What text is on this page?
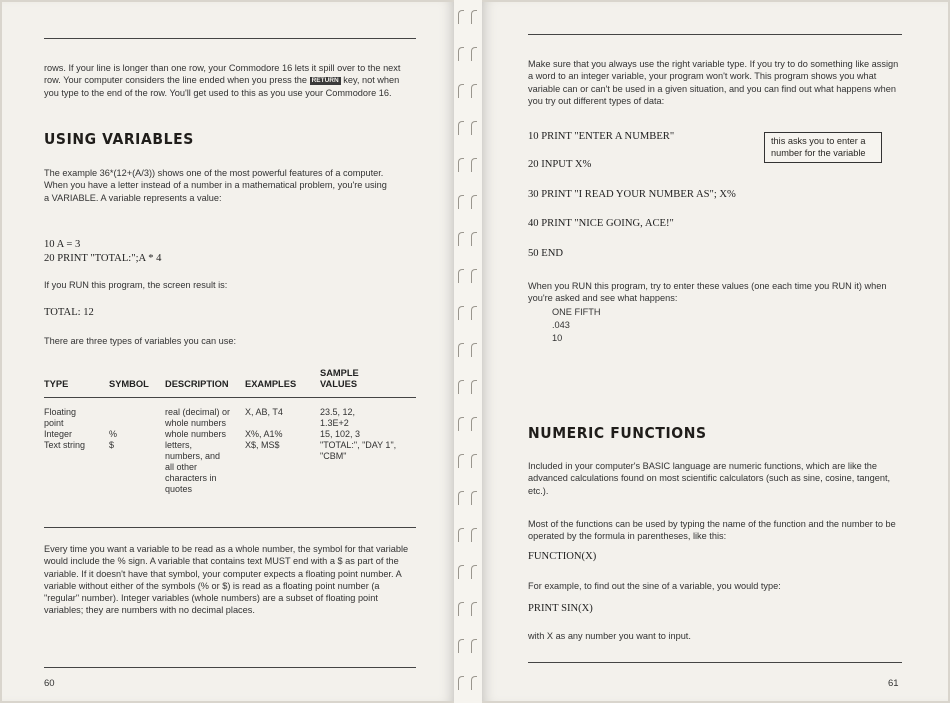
rows. If your line is longer than one row, your Commodore 16 lets it spill over to the next row. Your computer considers the line ended when you press the RETURN key, not when you type to the end of the row. You'll get used to this as you use your Commodore 16.
USING VARIABLES
The example 36*(12+(A/3)) shows one of the most powerful features of a computer. When you have a letter instead of a number in a mathematical problem, you're using a VARIABLE. A variable represents a value:
10 A = 3
20 PRINT "TOTAL:";A * 4
If you RUN this program, the screen result is:
TOTAL: 12
There are three types of variables you can use:
TYPE	SYMBOL	DESCRIPTION	EXAMPLES	SAMPLE
VALUES

Floating point		real (decimal) or whole numbers	X, AB, T4	23.5, 12, 1.3E+2
Integer	%	whole numbers	X%, A1%	15, 102, 3
Text string	$	letters, numbers, and all other characters in quotes	X$, MS$	"TOTAL:", "DAY 1", "CBM"
Every time you want a variable to be read as a whole number, the symbol for that variable would include the % sign. A variable that contains text MUST end with a $ as part of the variable. If it doesn't have that symbol, your computer expects a floating point number. A variable without either of the symbols (% or $) is read as a floating point number (a "regular" number). Integer variables (whole numbers) are a subset of floating point variables; they are numbers with no decimal places.
60
Make sure that you always use the right variable type. If you try to do something like assign a word to an integer variable, your program won't work. This program shows you what variable can or can't be used in a given situation, and you can find out what happens when you try out different types of data:
10 PRINT "ENTER A NUMBER"
20 INPUT X%
this asks you to enter a number for the variable
30 PRINT "I READ YOUR NUMBER AS"; X%
40 PRINT "NICE GOING, ACE!"
50 END
When you RUN this program, try to enter these values (one each time you RUN it) when you're asked and see what happens:
ONE FIFTH
.043
10
NUMERIC FUNCTIONS
Included in your computer's BASIC language are numeric functions, which are like the advanced calculations found on most scientific calculators (such as sine, cosine, tangent, etc.).
Most of the functions can be used by typing the name of the function and the number to be operated by the formula in parentheses, like this:
FUNCTION(X)
For example, to find out the sine of a variable, you would type:
PRINT SIN(X)
with X as any number you want to input.
61
